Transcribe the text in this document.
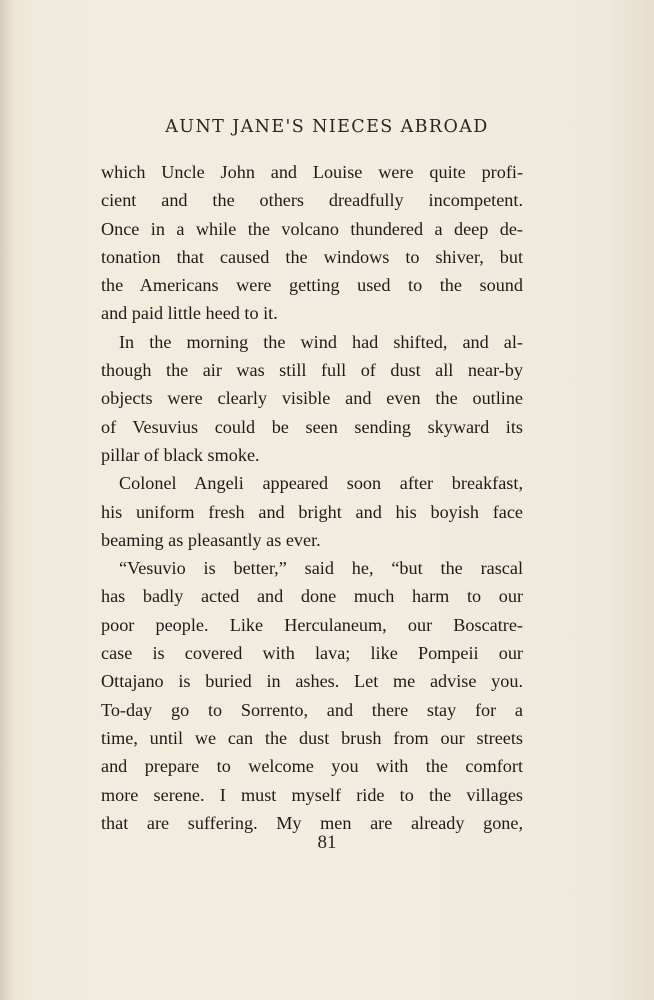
AUNT JANE'S NIECES ABROAD
which Uncle John and Louise were quite profi-
cient and the others dreadfully incompetent.
Once in a while the volcano thundered a deep de-
tonation that caused the windows to shiver, but
the Americans were getting used to the sound
and paid little heed to it.
In the morning the wind had shifted, and al-
though the air was still full of dust all near-by
objects were clearly visible and even the outline
of Vesuvius could be seen sending skyward its
pillar of black smoke.
Colonel Angeli appeared soon after breakfast,
his uniform fresh and bright and his boyish face
beaming as pleasantly as ever.
“Vesuvio is better,” said he, “but the rascal
has badly acted and done much harm to our
poor people. Like Herculaneum, our Boscatre-
case is covered with lava; like Pompeii our
Ottajano is buried in ashes. Let me advise you.
To-day go to Sorrento, and there stay for a
time, until we can the dust brush from our streets
and prepare to welcome you with the comfort
more serene. I must myself ride to the villages
that are suffering. My men are already gone,
81
